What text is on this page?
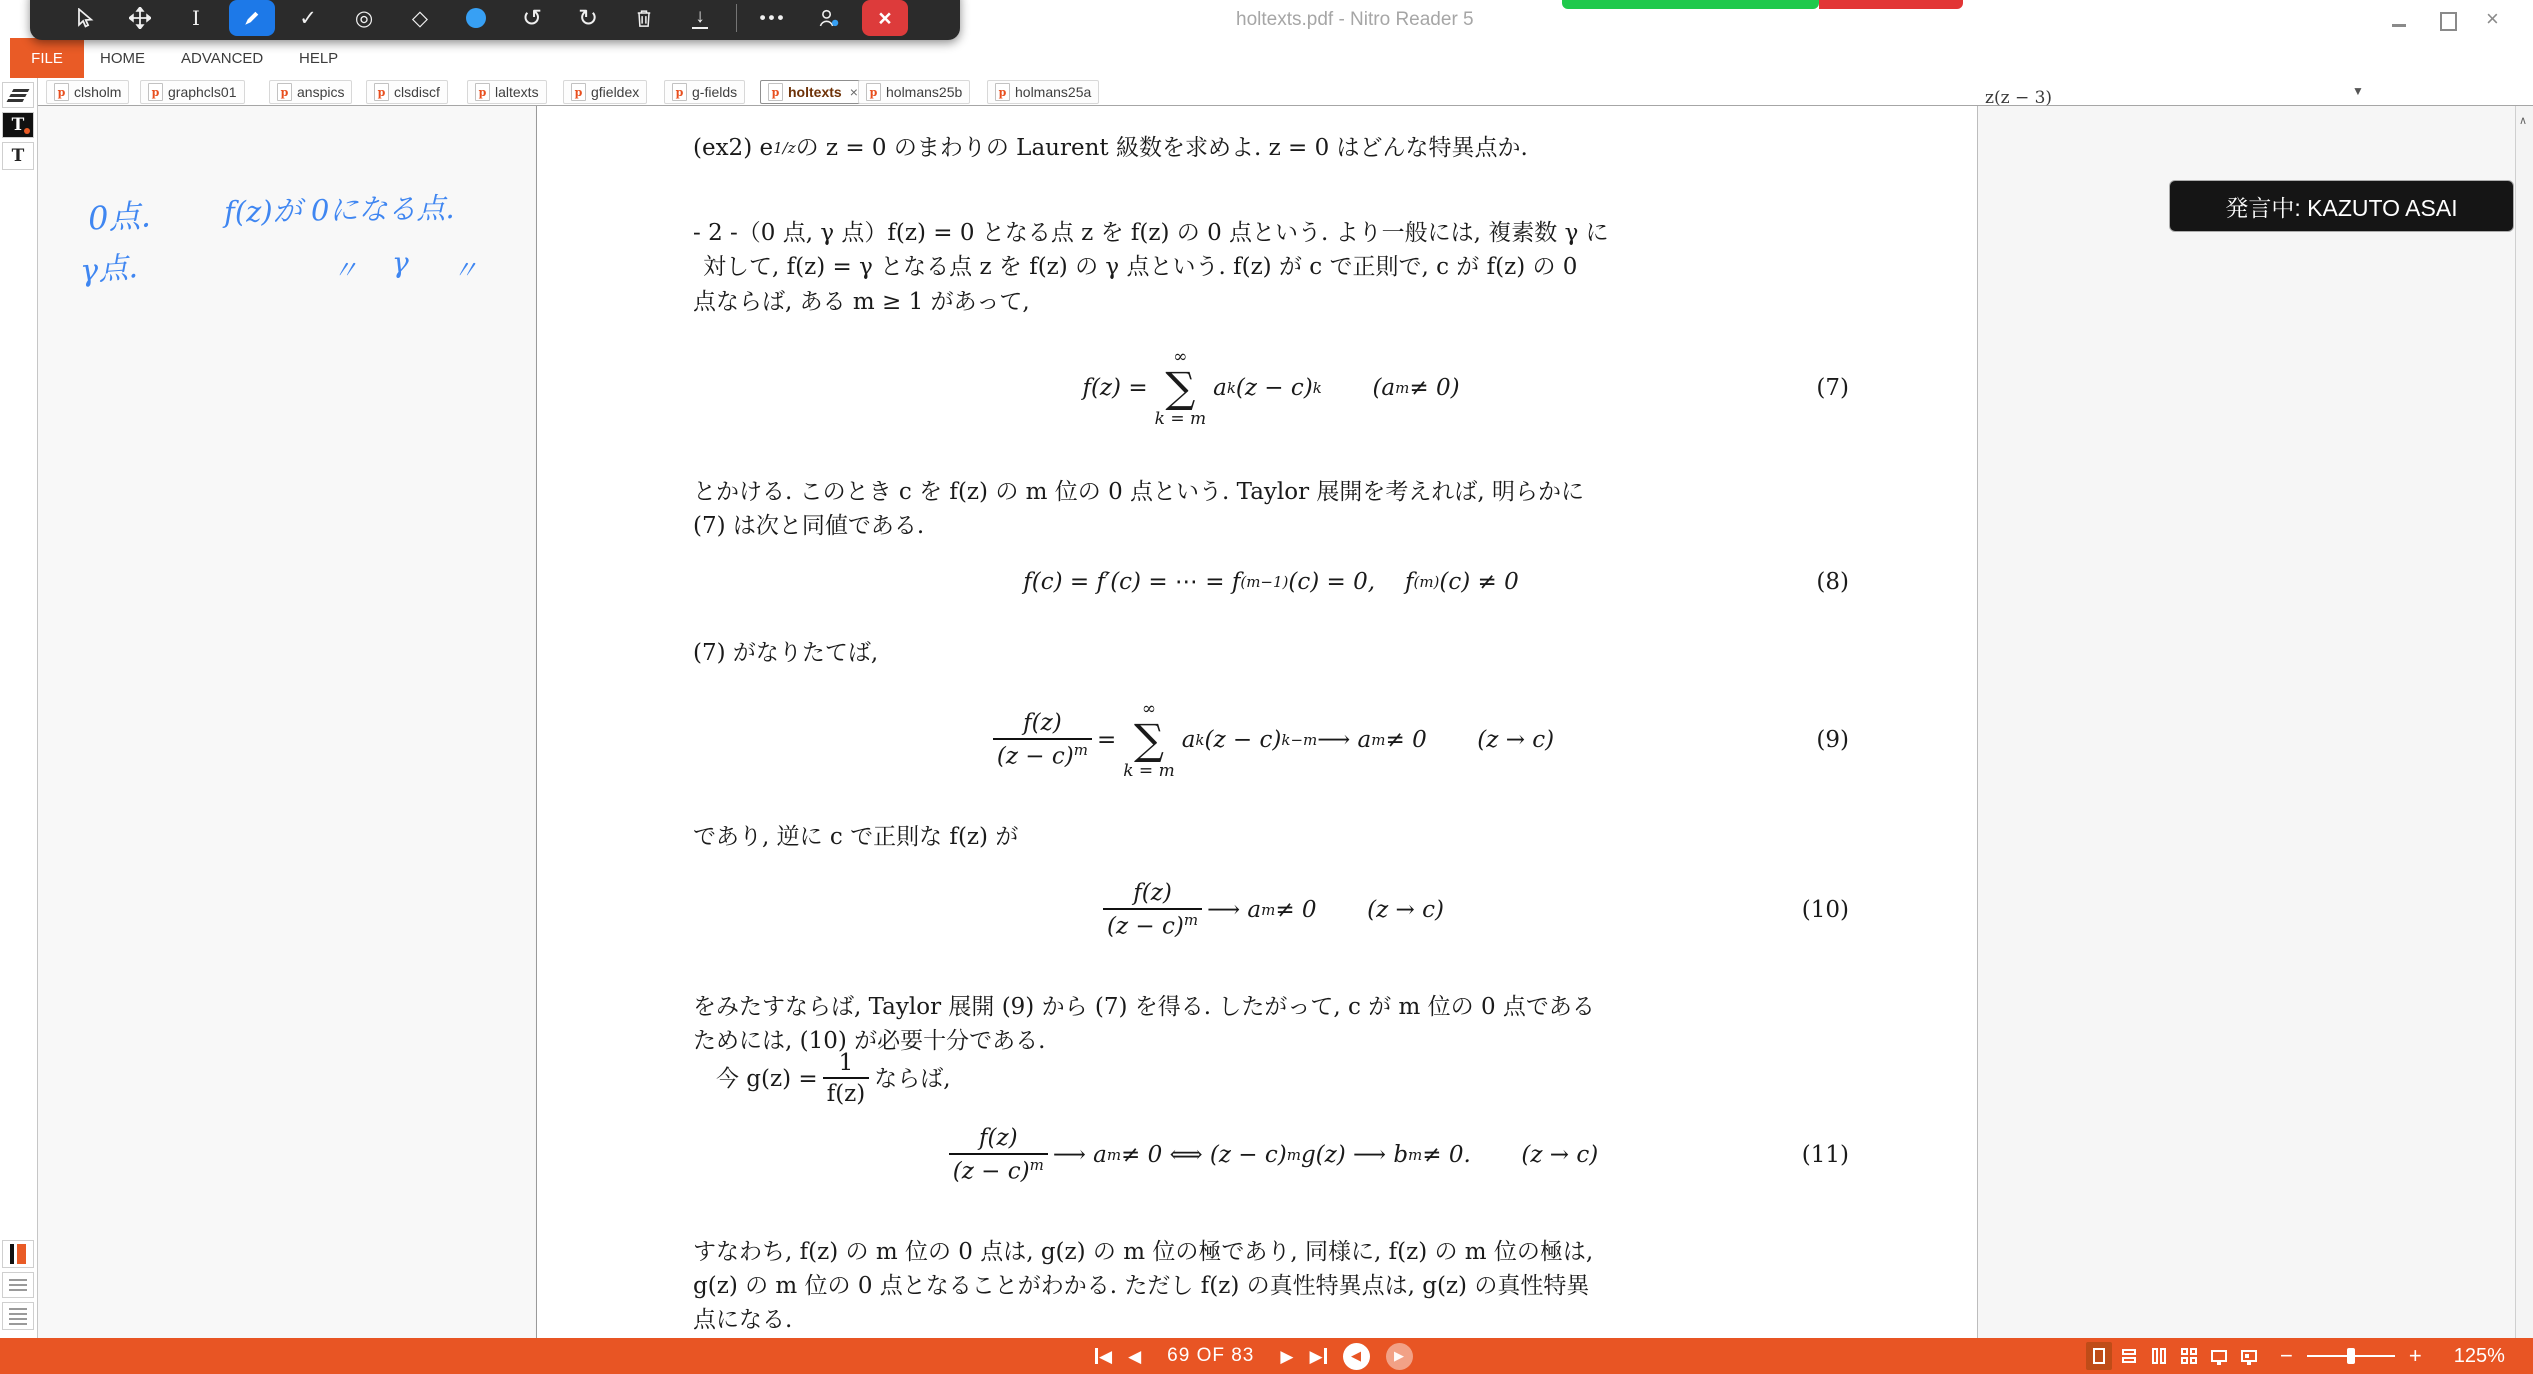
holtexts.pdf - Nitro Reader 5	×
I	✓	◎	◇	↺	↻	↓	•••	×
FILE	HOME ADVANCED HELP
p clsholm	p graphcls01	p anspics	p clsdiscf	p laltexts	p gfieldex	p g-fields	p holtexts × p holmans25b	p holmans25a	▼
T
T
0点. f(z)が 0になる点.
γ点.	〃 γ 〃
z(z − 3)
(ex2) e 1/z の z = 0 のまわりの Laurent 級数を求めよ. z = 0 はどんな特異点か.
- 2 -（0 点, γ 点）f(z) = 0 となる点 z を f(z) の 0 点という. より一般には, 複素数 γ に
対して, f(z) = γ となる点 z を f(z) の γ 点という. f(z) が c で正則で, c が f(z) の 0
点ならば, ある m ≥ 1 があって,
f(z) =
∞
∑
k = m
a k (z − c) k (a m ≠ 0)	(7)
とかける. このとき c を f(z) の m 位の 0 点という. Taylor 展開を考えれば, 明らかに
(7) は次と同値である.
f(c) = f′(c) = ⋯ = f (m−1) (c) = 0, f (m) (c) ≠ 0	(8)
(7) がなりたてば,
$\frac{f(z)}{(z - c)^m}$ =
∞
∑
k = m
a k (z − c) k−m ⟶ a m ≠ 0 (z → c)	(9)
であり, 逆に c で正則な f(z) が
$\frac{f(z)}{(z - c)^m}$ ⟶ a m ≠ 0 (z → c)	(10)
をみたすならば, Taylor 展開 (9) から (7) を得る. したがって, c が m 位の 0 点である
ためには, (10) が必要十分である.
　今 $g(z) = \frac{1}{f(z)}$ ならば,
$\frac{f(z)}{(z - c)^m}$ ⟶ a m ≠ 0 ⟺ (z − c) m g(z) ⟶ b m ≠ 0. (z → c)	(11)
すなわち, f(z) の m 位の 0 点は, g(z) の m 位の極であり, 同様に, f(z) の m 位の極は,
g(z) の m 位の 0 点となることがわかる. ただし f(z) の真性特異点は, g(z) の真性特異
点になる.
発言中: KAZUTO ASAI
∧
◀ ◀ 69 OF 83 ▶ ▶	◀	▶	−	+ 125%
